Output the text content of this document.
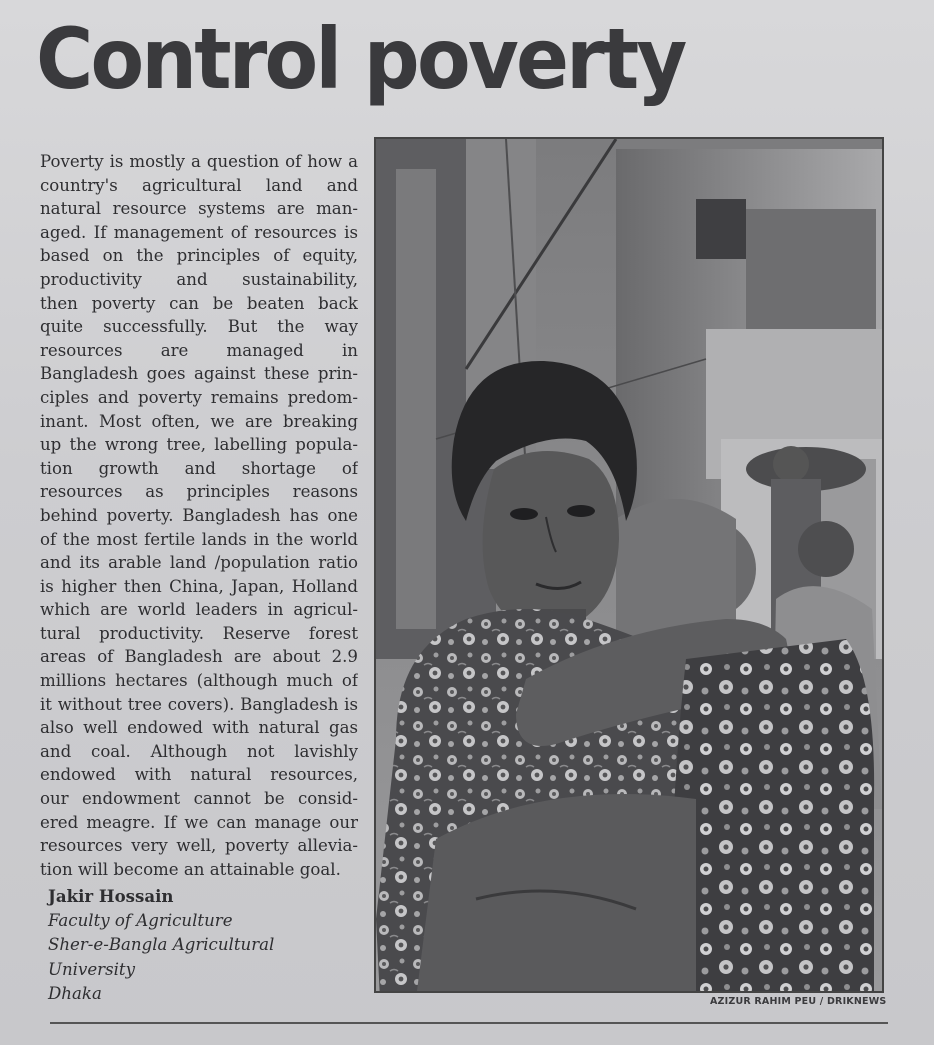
Control poverty
Poverty is mostly a question of how a
country's agricultural land and
natural resource systems are man-
aged. If management of resources is
based on the principles of equity,
productivity and sustainability,
then poverty can be beaten back
quite successfully. But the way
resources are managed in
Bangladesh goes against these prin-
ciples and poverty remains predom-
inant. Most often, we are breaking
up the wrong tree, labelling popula-
tion growth and shortage of
resources as principles reasons
behind poverty. Bangladesh has one
of the most fertile lands in the world
and its arable land /population ratio
is higher then China, Japan, Holland
which are world leaders in agricul-
tural productivity. Reserve forest
areas of Bangladesh are about 2.9
millions hectares (although much of
it without tree covers). Bangladesh is
also well endowed with natural gas
and coal. Although not lavishly
endowed with natural resources,
our endowment cannot be consid-
ered meagre. If we can manage our
resources very well, poverty allevia-
tion will become an attainable goal.
Jakir Hossain
Faculty of Agriculture
Sher-e-Bangla Agricultural
University
Dhaka	AZIZUR RAHIM PEU / DRIKNEWS
